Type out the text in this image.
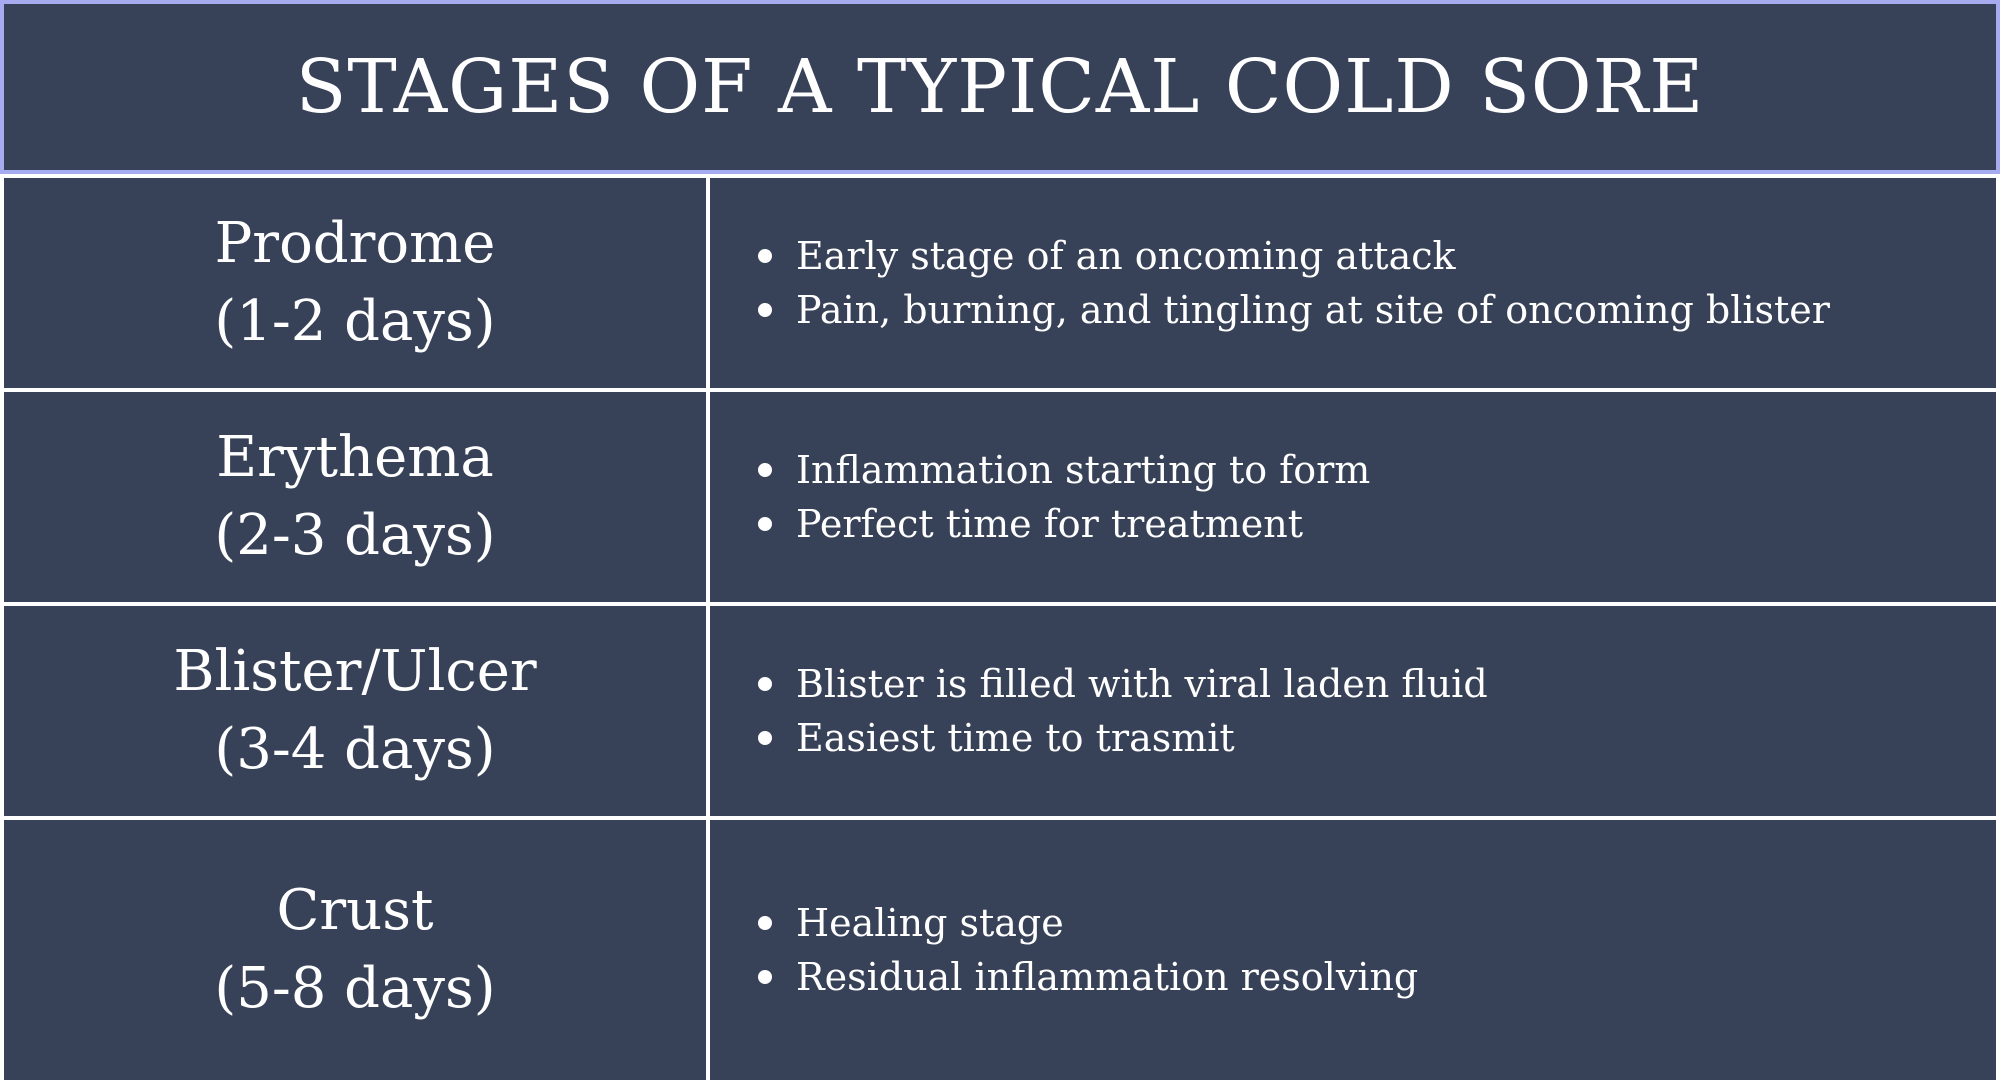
STAGES OF A TYPICAL COLD SORE
Prodrome
(1-2 days)
Early stage of an oncoming attack
Pain, burning, and tingling at site of oncoming blister
Erythema
(2-3 days)
Inflammation starting to form
Perfect time for treatment
Blister/Ulcer
(3-4 days)
Blister is filled with viral laden fluid
Easiest time to trasmit
Crust
(5-8 days)
Healing stage
Residual inflammation resolving
